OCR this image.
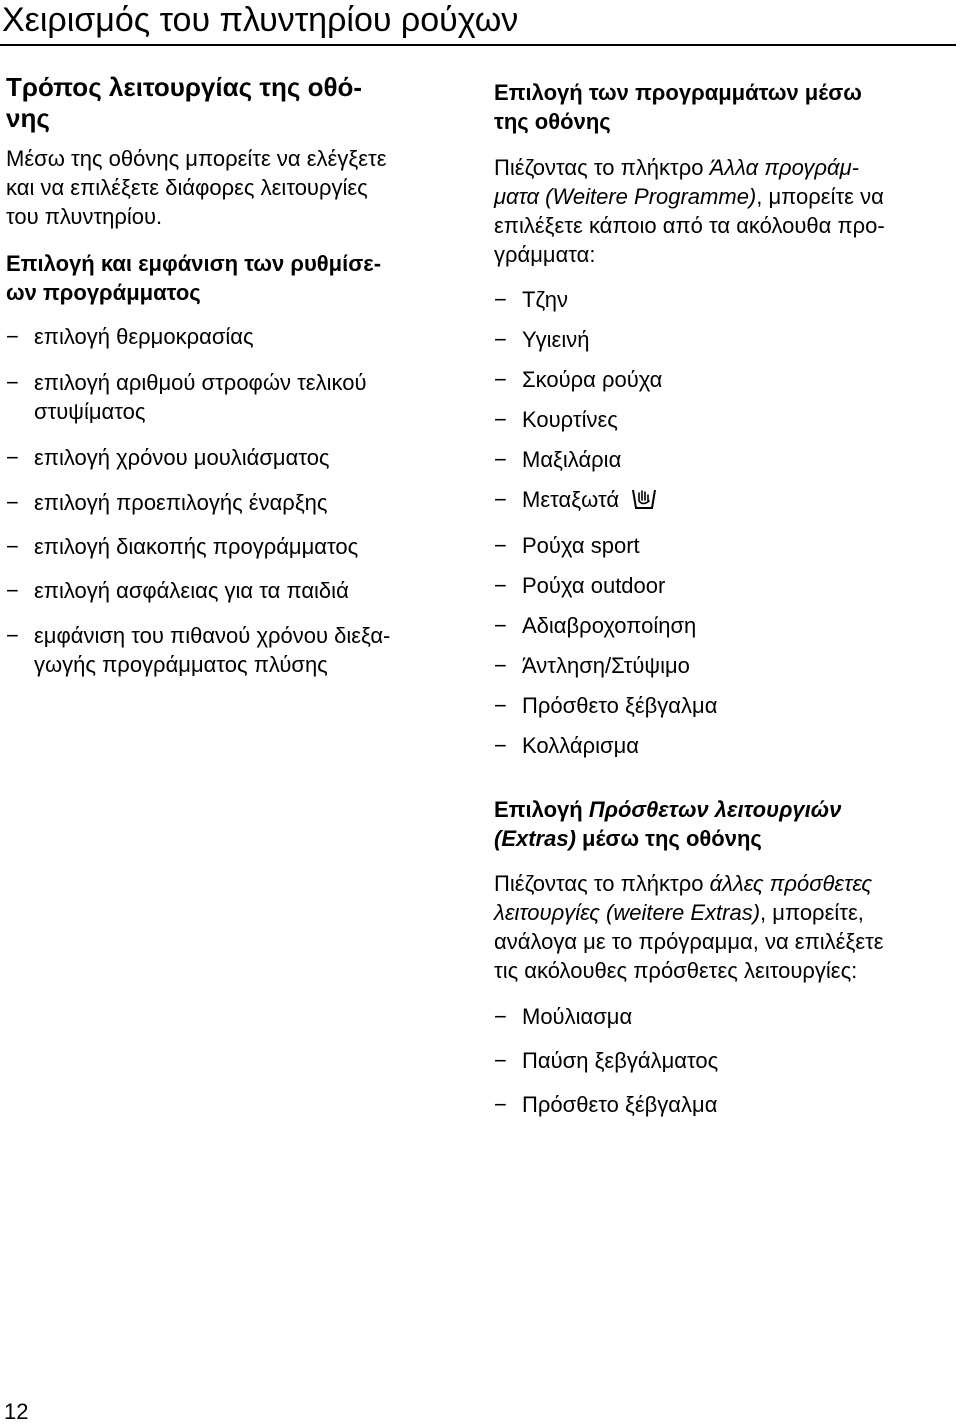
Χειρισμός του πλυντηρίου ρούχων
Τρόπος λειτουργίας της οθό-
νης
Μέσω της οθόνης μπορείτε να ελέγξετε
και να επιλέξετε διάφορες λειτουργίες
του πλυντηρίου.
Επιλογή και εμφάνιση των ρυθμίσε-
ων προγράμματος
− επιλογή θερμοκρασίας
− επιλογή αριθμού στροφών τελικού
στυψίματος
− επιλογή χρόνου μουλιάσματος
− επιλογή προεπιλογής έναρξης
− επιλογή διακοπής προγράμματος
− επιλογή ασφάλειας για τα παιδιά
− εμφάνιση του πιθανού χρόνου διεξα-
γωγής προγράμματος πλύσης
Επιλογή των προγραμμάτων μέσω
της οθόνης
Πιέζοντας το πλήκτρο Άλλα προγράμ-
ματα (Weitere Programme), μπορείτε να
επιλέξετε κάποιο από τα ακόλουθα προ-
γράμματα:
− Τζην
− Υγιεινή
− Σκούρα ρούχα
− Κουρτίνες
− Μαξιλάρια
− Μεταξωτά
− Ρούχα sport
− Ρούχα outdoor
− Αδιαβροχοποίηση
− Άντληση/Στύψιμο
− Πρόσθετο ξέβγαλμα
− Κολλάρισμα
Επιλογή Πρόσθετων λειτουργιών
(Extras) μέσω της οθόνης
Πιέζοντας το πλήκτρο άλλες πρόσθετες
λειτουργίες (weitere Extras), μπορείτε,
ανάλογα με το πρόγραμμα, να επιλέξετε
τις ακόλουθες πρόσθετες λειτουργίες:
− Μούλιασμα
− Παύση ξεβγάλματος
− Πρόσθετο ξέβγαλμα
12
